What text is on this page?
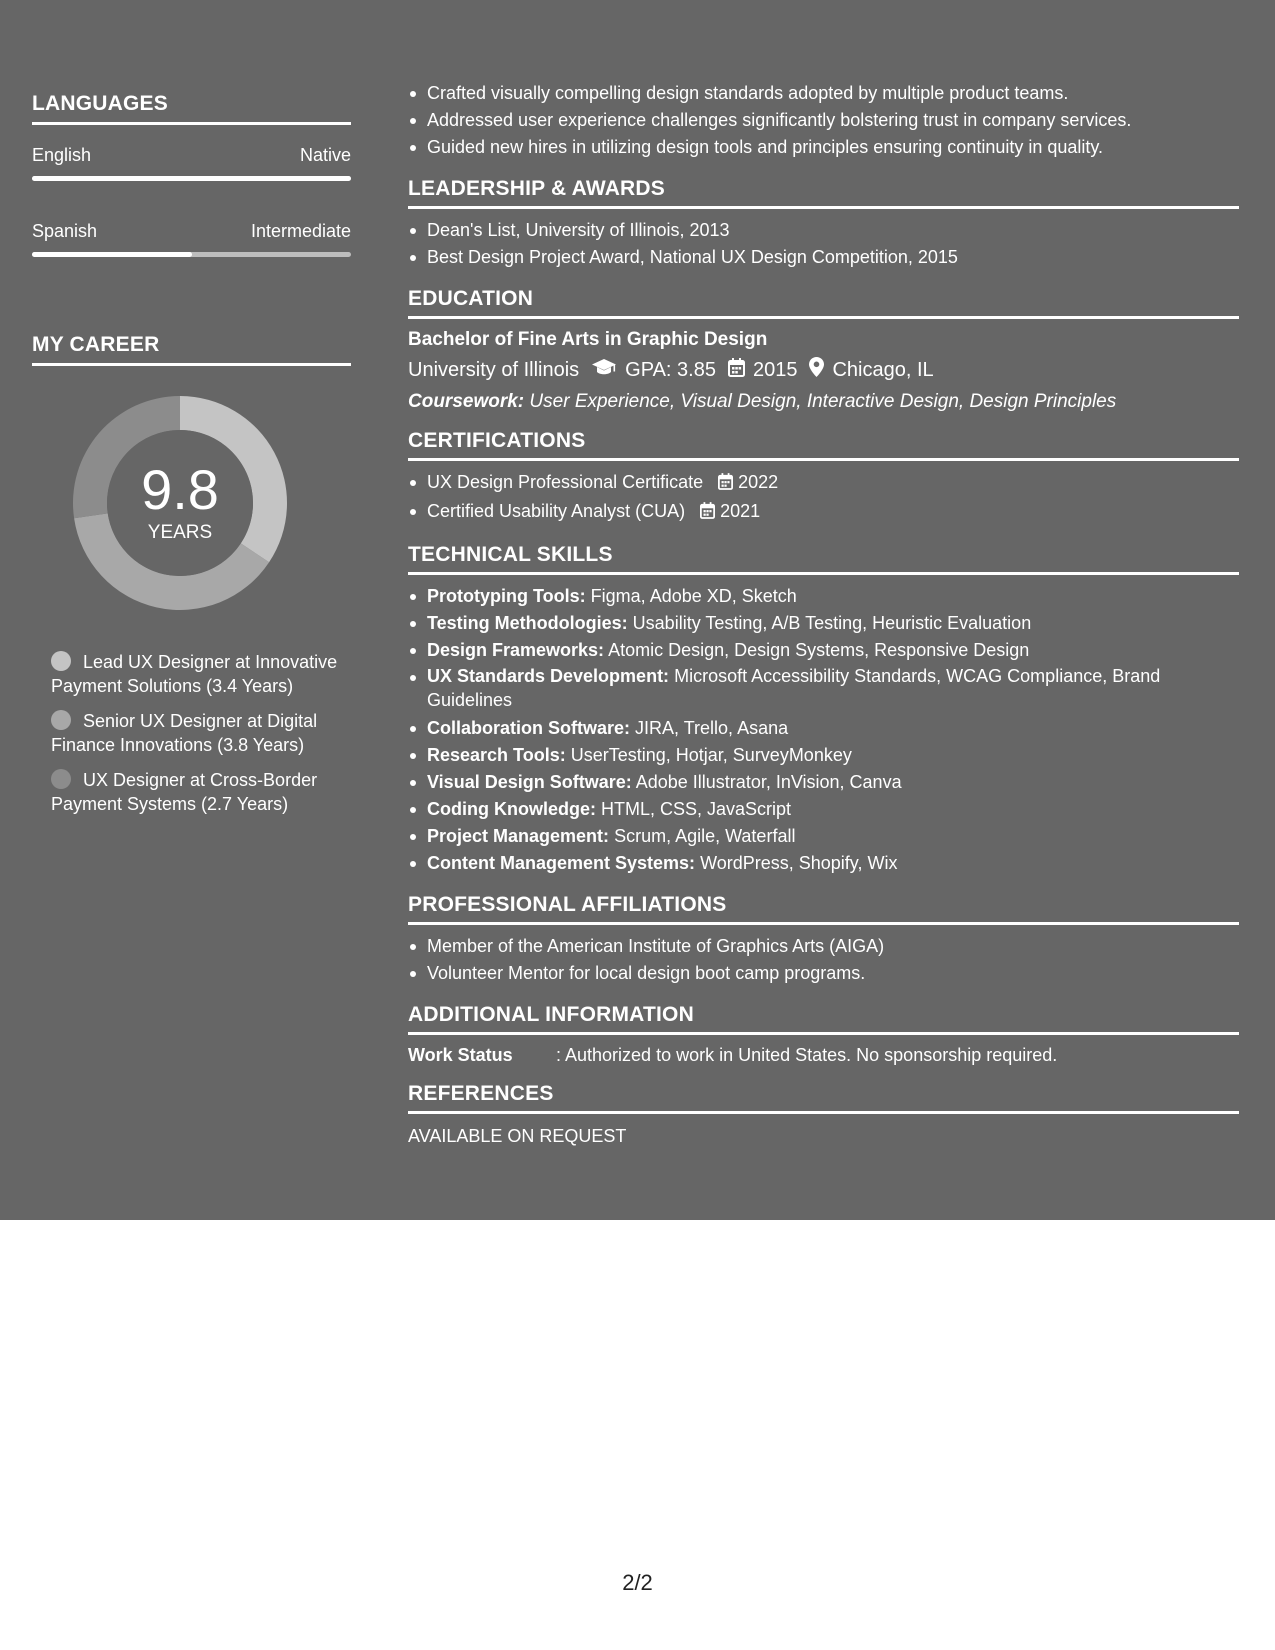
LANGUAGES
English	Native
Spanish	Intermediate
MY CAREER
9.8
YEARS
Lead UX Designer at Innovative Payment Solutions (3.4 Years)
Senior UX Designer at Digital Finance Innovations (3.8 Years)
UX Designer at Cross-Border Payment Systems (2.7 Years)
Crafted visually compelling design standards adopted by multiple product teams.
Addressed user experience challenges significantly bolstering trust in company services.
Guided new hires in utilizing design tools and principles ensuring continuity in quality.
LEADERSHIP & AWARDS
Dean's List, University of Illinois, 2013
Best Design Project Award, National UX Design Competition, 2015
EDUCATION
Bachelor of Fine Arts in Graphic Design
University of Illinois GPA: 3.85 2015 Chicago, IL
Coursework: User Experience, Visual Design, Interactive Design, Design Principles
CERTIFICATIONS
UX Design Professional Certificate 2022
Certified Usability Analyst (CUA) 2021
TECHNICAL SKILLS
Prototyping Tools: Figma, Adobe XD, Sketch
Testing Methodologies: Usability Testing, A/B Testing, Heuristic Evaluation
Design Frameworks: Atomic Design, Design Systems, Responsive Design
UX Standards Development: Microsoft Accessibility Standards, WCAG Compliance, Brand Guidelines
Collaboration Software: JIRA, Trello, Asana
Research Tools: UserTesting, Hotjar, SurveyMonkey
Visual Design Software: Adobe Illustrator, InVision, Canva
Coding Knowledge: HTML, CSS, JavaScript
Project Management: Scrum, Agile, Waterfall
Content Management Systems: WordPress, Shopify, Wix
PROFESSIONAL AFFILIATIONS
Member of the American Institute of Graphics Arts (AIGA)
Volunteer Mentor for local design boot camp programs.
ADDITIONAL INFORMATION
Work Status	: Authorized to work in United States. No sponsorship required.
REFERENCES
AVAILABLE ON REQUEST
2/2
